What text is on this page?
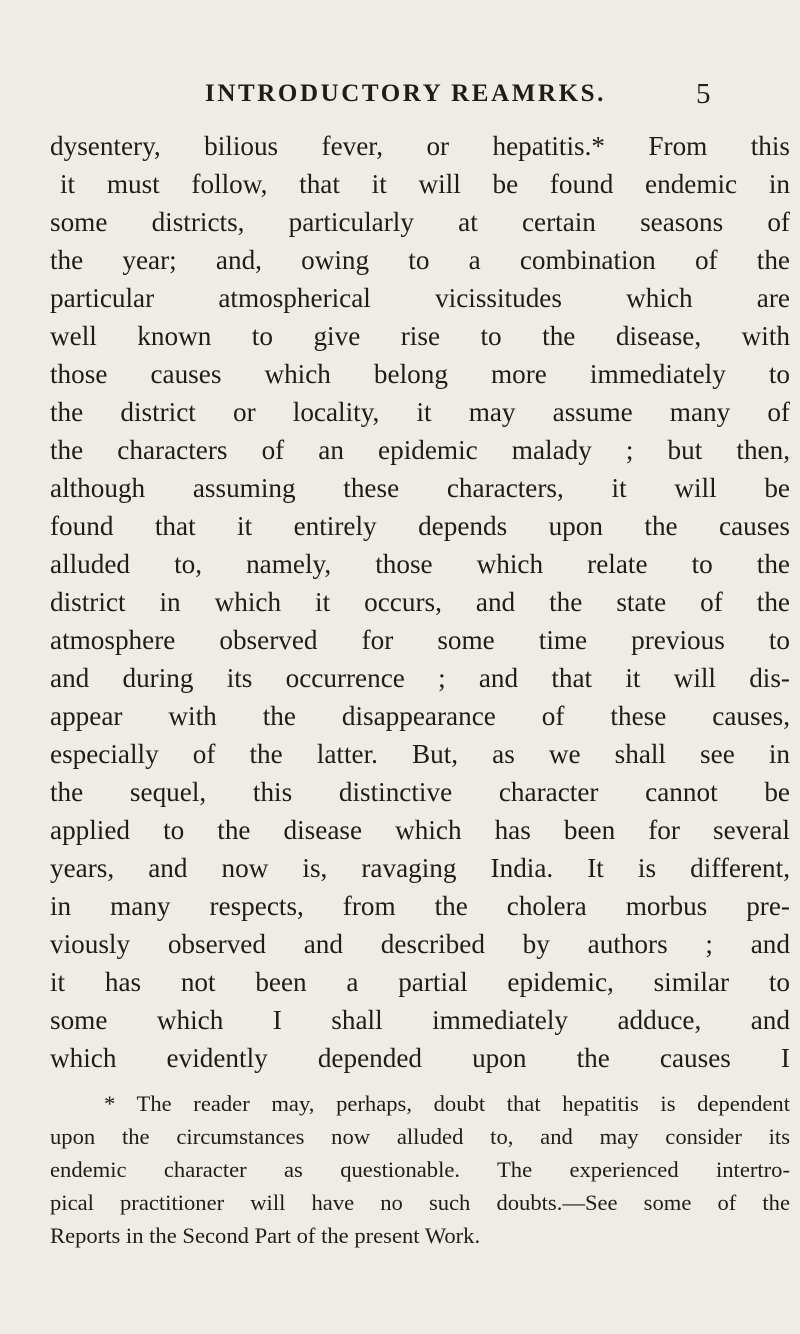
INTRODUCTORY REAMRKS.	5
dysentery, bilious fever, or hepatitis.* From this
it must follow, that it will be found endemic in
some districts, particularly at certain seasons of
the year; and, owing to a combination of the
particular atmospherical vicissitudes which are
well known to give rise to the disease, with
those causes which belong more immediately to
the district or locality, it may assume many of
the characters of an epidemic malady ; but then,
although assuming these characters, it will be
found that it entirely depends upon the causes
alluded to, namely, those which relate to the
district in which it occurs, and the state of the
atmosphere observed for some time previous to
and during its occurrence ; and that it will dis-
appear with the disappearance of these causes,
especially of the latter. But, as we shall see in
the sequel, this distinctive character cannot be
applied to the disease which has been for several
years, and now is, ravaging India. It is different,
in many respects, from the cholera morbus pre-
viously observed and described by authors ; and
it has not been a partial epidemic, similar to
some which I shall immediately adduce, and
which evidently depended upon the causes I
* The reader may, perhaps, doubt that hepatitis is dependent
upon the circumstances now alluded to, and may consider its
endemic character as questionable. The experienced intertro-
pical practitioner will have no such doubts.—See some of the
Reports in the Second Part of the present Work.
